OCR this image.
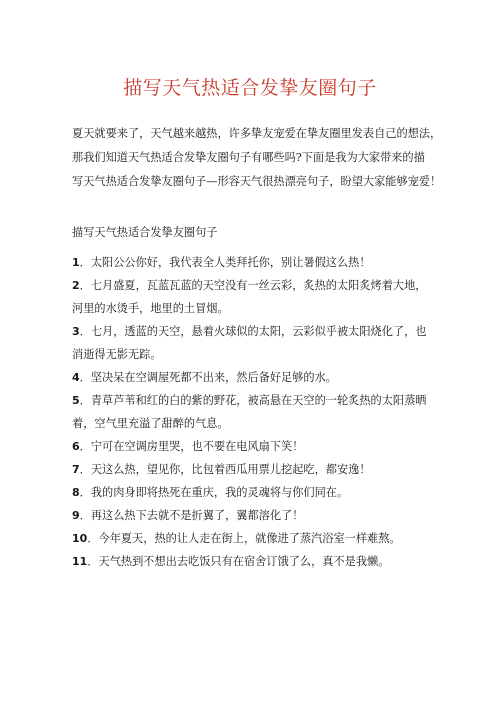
描写天气热适合发挚友圈句子

夏天就要来了，天气越来越热，许多挚友宠爱在挚友圈里发表自己的想法，

那我们知道天气热适合发挚友圈句子有哪些吗?下面是我为大家带来的描

写天气热适合发挚友圈句子—形容天气很热漂亮句子，盼望大家能够宠爱！

描写天气热适合发挚友圈句子
1．太阳公公你好，我代表全人类拜托你，别让暑假这么热！
2．七月盛夏，瓦蓝瓦蓝的天空没有一丝云彩，炙热的太阳炙烤着大地，
河里的水烫手，地里的土冒烟。
3．七月，透蓝的天空，悬着火球似的太阳，云彩似乎被太阳烧化了，也
消逝得无影无踪。
4．坚决呆在空调屋死都不出来，然后备好足够的水。
5．青草芦苇和红的白的紫的野花，被高悬在天空的一轮炙热的太阳蒸晒
着，空气里充溢了甜醉的气息。
6．宁可在空调房里哭，也不要在电风扇下笑！
7．天这么热，望见你，比包着西瓜用票儿挖起吃，都安逸！
8．我的肉身即将热死在重庆，我的灵魂将与你们同在。
9．再这么热下去就不是折翼了，翼都溶化了！
10．今年夏天，热的让人走在街上，就像进了蒸汽浴室一样难熬。
11．天气热到不想出去吃饭只有在宿舍订饿了么，真不是我懒。
